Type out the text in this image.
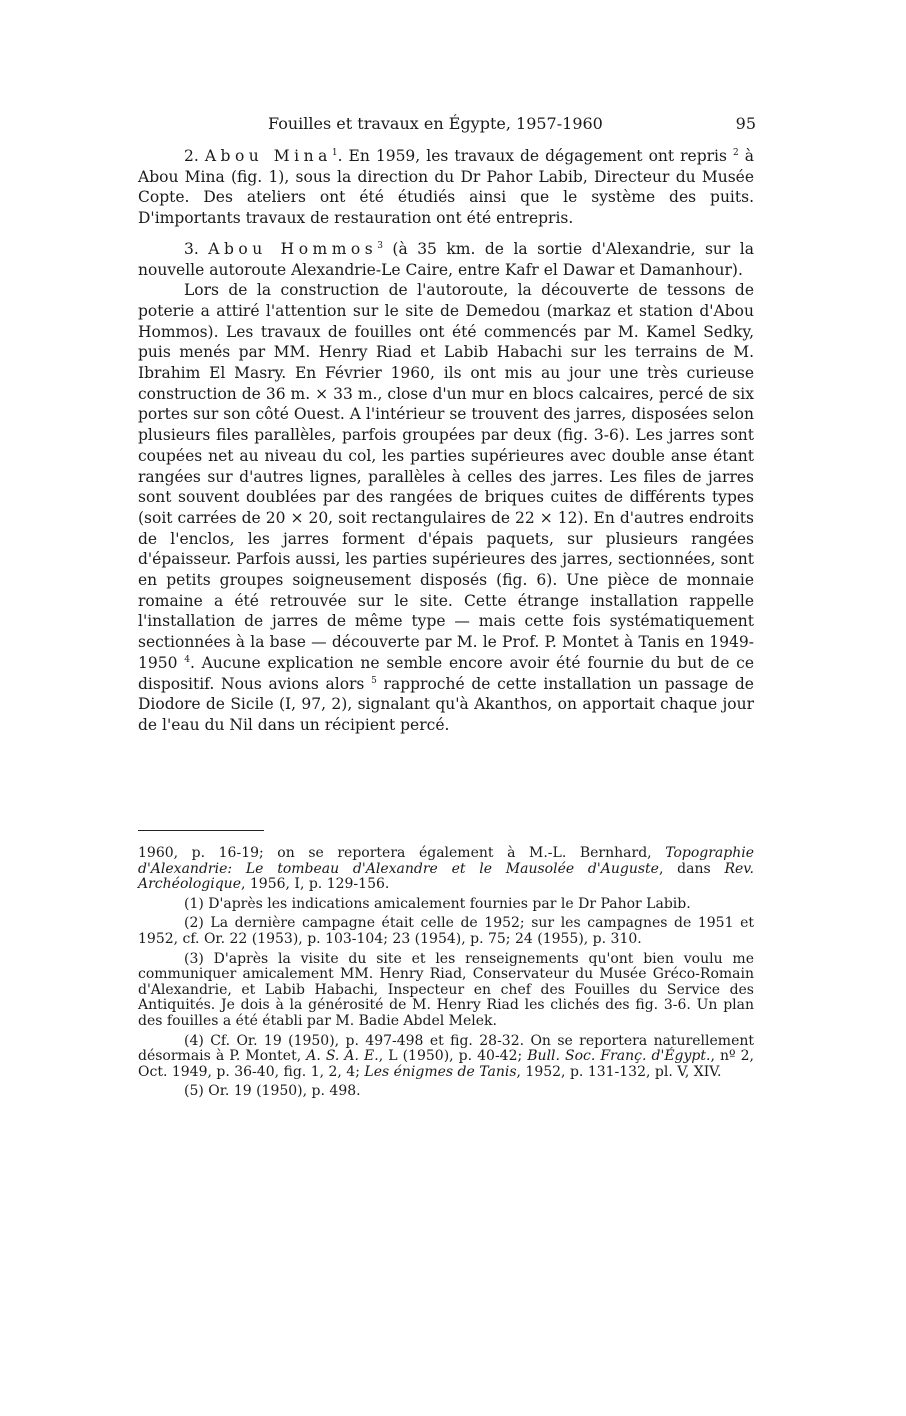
Fouilles et travaux en Égypte, 1957-1960	95

2. Abou Mina$^1$. En 1959, les travaux de dégagement ont repris $^2$ à Abou Mina (fig. 1), sous la direction du Dr Pahor Labib, Directeur du Musée Copte. Des ateliers ont été étudiés ainsi que le système des puits. D'importants travaux de restauration ont été entrepris.

3. Abou Hommos$^3$ (à 35 km. de la sortie d'Alexandrie, sur la nouvelle autoroute Alexandrie-Le Caire, entre Kafr el Dawar et Damanhour).

Lors de la construction de l'autoroute, la découverte de tessons de poterie a attiré l'attention sur le site de Demedou (markaz et station d'Abou Hommos). Les travaux de fouilles ont été commencés par M. Kamel Sedky, puis menés par MM. Henry Riad et Labib Habachi sur les terrains de M. Ibrahim El Masry. En Février 1960, ils ont mis au jour une très curieuse construction de 36 m. × 33 m., close d'un mur en blocs calcaires, percé de six portes sur son côté Ouest. A l'intérieur se trouvent des jarres, disposées selon plusieurs files parallèles, parfois groupées par deux (fig. 3-6). Les jarres sont coupées net au niveau du col, les parties supérieures avec double anse étant rangées sur d'autres lignes, parallèles à celles des jarres. Les files de jarres sont souvent doublées par des rangées de briques cuites de différents types (soit carrées de 20 × 20, soit rectangulaires de 22 × 12). En d'autres endroits de l'enclos, les jarres forment d'épais paquets, sur plusieurs rangées d'épaisseur. Parfois aussi, les parties supérieures des jarres, sectionnées, sont en petits groupes soigneusement disposés (fig. 6). Une pièce de monnaie romaine a été retrouvée sur le site. Cette étrange installation rappelle l'installation de jarres de même type — mais cette fois systématiquement sectionnées à la base — découverte par M. le Prof. P. Montet à Tanis en 1949-1950 $^4$. Aucune explication ne semble encore avoir été fournie du but de ce dispositif. Nous avions alors $^5$ rapproché de cette installation un passage de Diodore de Sicile (I, 97, 2), signalant qu'à Akanthos, on apportait chaque jour de l'eau du Nil dans un récipient percé.

1960, p. 16-19; on se reportera également à M.-L. Bernhard, Topographie d'Alexandrie: Le tombeau d'Alexandre et le Mausolée d'Auguste, dans Rev. Archéologique, 1956, I, p. 129-156.

(1) D'après les indications amicalement fournies par le Dr Pahor Labib.

(2) La dernière campagne était celle de 1952; sur les campagnes de 1951 et 1952, cf. Or. 22 (1953), p. 103-104; 23 (1954), p. 75; 24 (1955), p. 310.

(3) D'après la visite du site et les renseignements qu'ont bien voulu me communiquer amicalement MM. Henry Riad, Conservateur du Musée Gréco-Romain d'Alexandrie, et Labib Habachi, Inspecteur en chef des Fouilles du Service des Antiquités. Je dois à la générosité de M. Henry Riad les clichés des fig. 3-6. Un plan des fouilles a été établi par M. Badie Abdel Melek.

(4) Cf. Or. 19 (1950), p. 497-498 et fig. 28-32. On se reportera naturellement désormais à P. Montet, A. S. A. E., L (1950), p. 40-42; Bull. Soc. Franç. d'Égypt., nº 2, Oct. 1949, p. 36-40, fig. 1, 2, 4; Les énigmes de Tanis, 1952, p. 131-132, pl. V, XIV.

(5) Or. 19 (1950), p. 498.
